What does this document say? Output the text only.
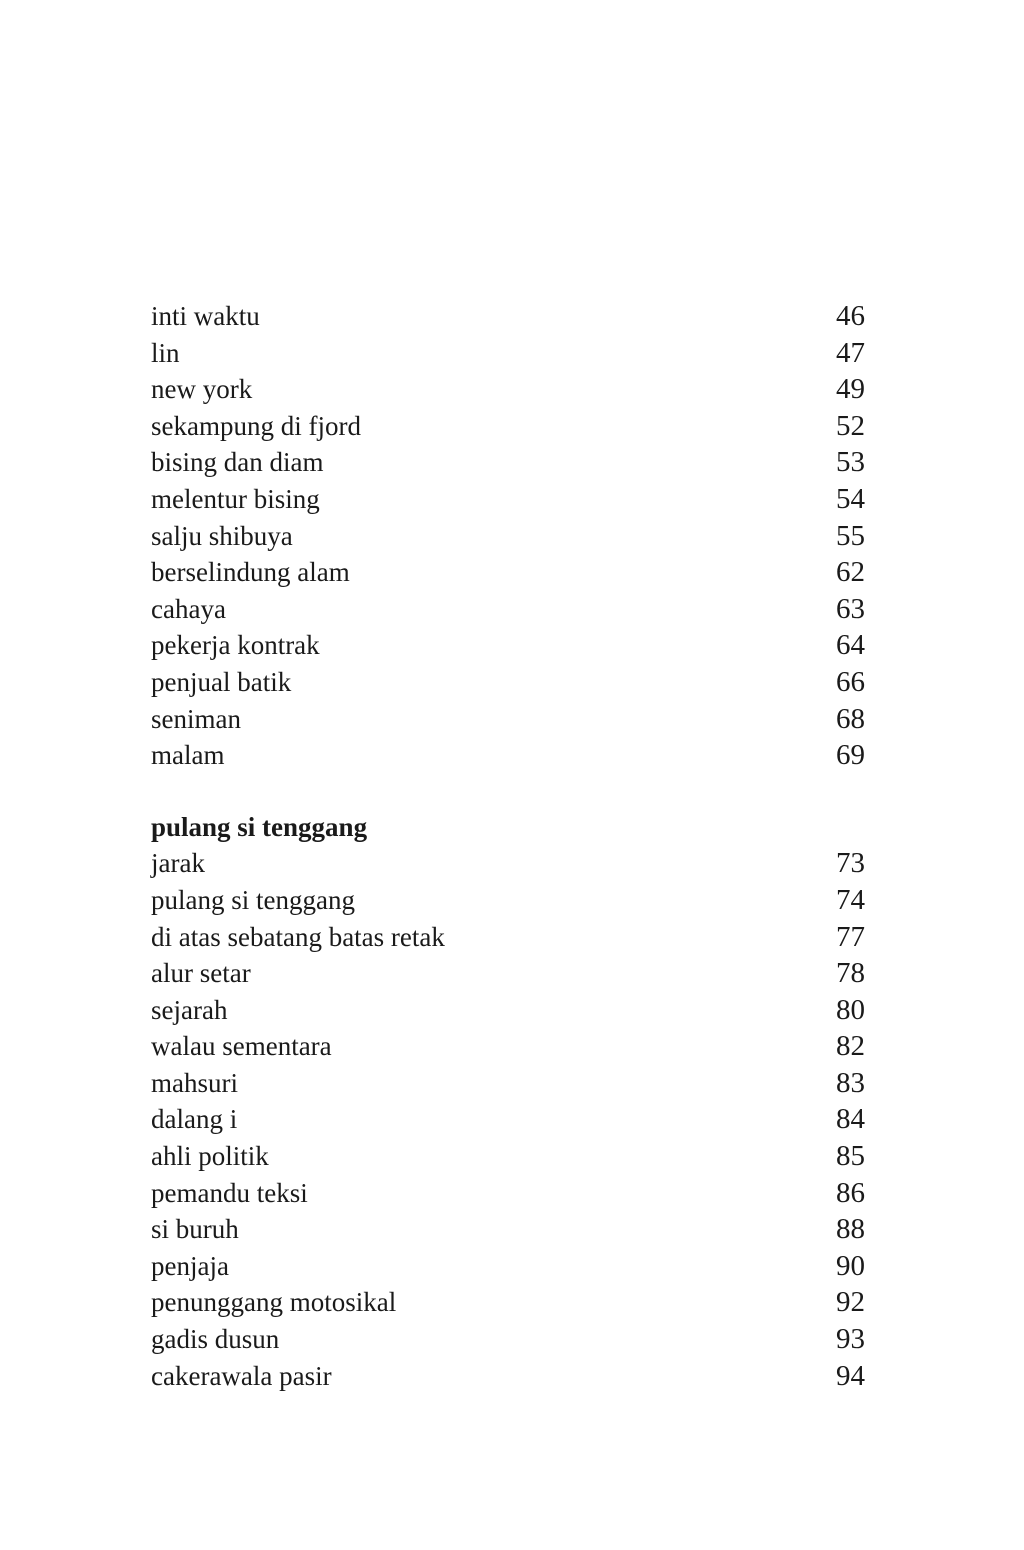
inti waktu	46
lin	47
new york	49
sekampung di fjord	52
bising dan diam	53
melentur bising	54
salju shibuya	55
berselindung alam	62
cahaya	63
pekerja kontrak	64
penjual batik	66
seniman	68
malam	69
pulang si tenggang
jarak	73
pulang si tenggang	74
di atas sebatang batas retak	77
alur setar	78
sejarah	80
walau sementara	82
mahsuri	83
dalang i	84
ahli politik	85
pemandu teksi	86
si buruh	88
penjaja	90
penunggang motosikal	92
gadis dusun	93
cakerawala pasir	94
